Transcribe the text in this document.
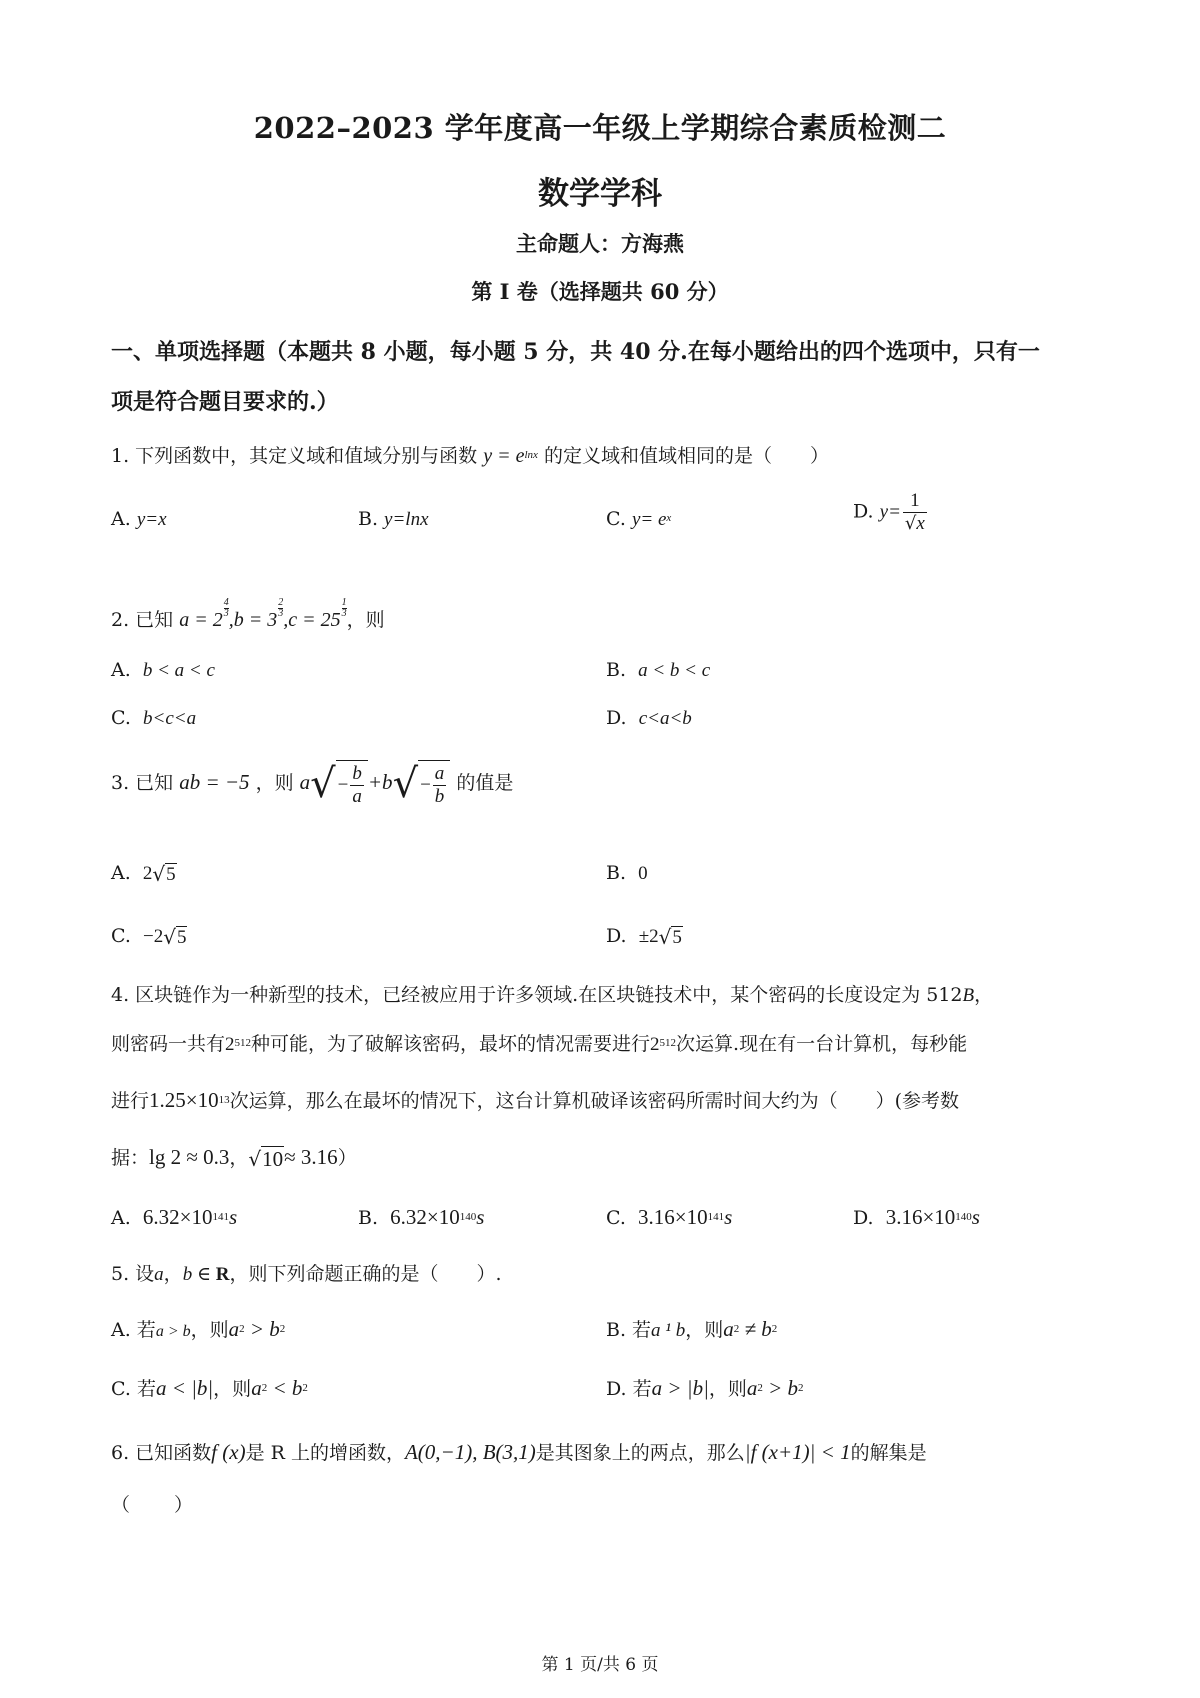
2022–2023 学年度高一年级上学期综合素质检测二
数学学科
主命题人：方海燕
第 I 卷（选择题共 60 分）
一、单项选择题（本题共 8 小题，每小题 5 分，共 40 分.在每小题给出的四个选项中，只有一
项是符合题目要求的.）
1. 下列函数中，其定义域和值域分别与函数 $y = e^{lnx}$ 的定义域和值域相同的是（　　）
A. y=x	B. y=lnx	C. $y= e^x$	D. $y= \frac{1}{√x}$
2. 已知 a = 2
$\frac{4}{3}$
,b = 3
$\frac{2}{3}$
,c = 25
$\frac{1}{3}$
，则
A. b < a < c	B. a < b < c
C. b<c<a	D. c<a<b
3. 已知 ab = −5 ，则 $a√ - \frac{b}{a} +b√ - \frac{a}{b}$ 的值是
A. 2√5	B. 0
C. −2√5	D. ±2√5
4. 区块链作为一种新型的技术，已经被应用于许多领域.在区块链技术中，某个密码的长度设定为 512B，
则密码一共有$2^{512}$种可能，为了破解该密码，最坏的情况需要进行$2^{512}$次运算.现在有一台计算机，每秒能
进行$1.25\times 10^{13}$次运算，那么在最坏的情况下，这台计算机破译该密码所需时间大约为（　　）(参考数
据：lg 2 ≈ 0.3，√10≈ 3.16）
A. $6.32\times 10^{141}s$	B. $6.32\times 10^{140}s$	C. $3.16\times 10^{141}s$	D. $3.16\times 10^{140}s$
5. 设a，b ∈ R，则下列命题正确的是（　　）.
A. 若a > b，则$a^2 > b^2$	B. 若a ¹ b，则$a^2 \ne b^2$
C. 若a < |b|，则$a^2 < b^2$	D. 若a > |b|，则$a^2 > b^2$
6. 已知函数f (x)是 R 上的增函数，A(0,−1), B(3,1)是其图象上的两点，那么|f (x+1)| < 1的解集是
（　　）
第 1 页/共 6 页
